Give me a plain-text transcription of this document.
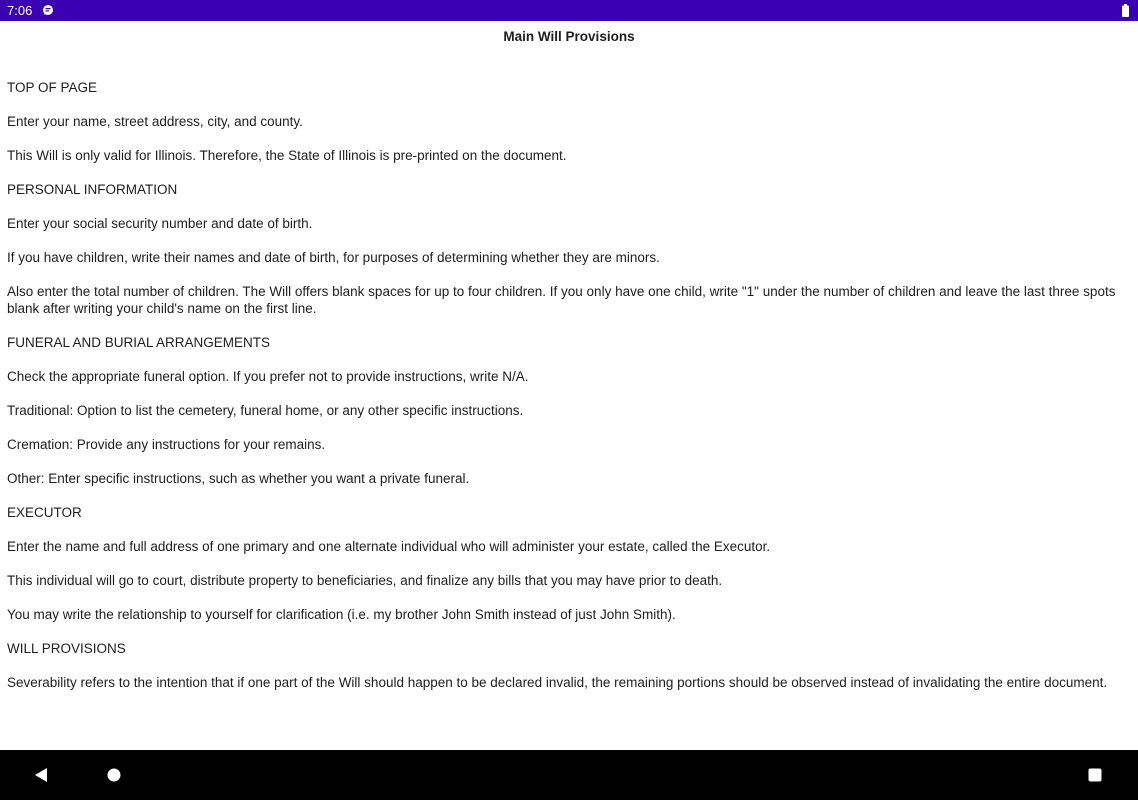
7:06
Main Will Provisions

TOP OF PAGE

Enter your name, street address, city, and county.

This Will is only valid for Illinois. Therefore, the State of Illinois is pre-printed on the document.

PERSONAL INFORMATION

Enter your social security number and date of birth.

If you have children, write their names and date of birth, for purposes of determining whether they are minors.

Also enter the total number of children. The Will offers blank spaces for up to four children. If you only have one child, write "1" under the number of children and leave the last three spots blank after writing your child's name on the first line.

FUNERAL AND BURIAL ARRANGEMENTS

Check the appropriate funeral option. If you prefer not to provide instructions, write N/A.

Traditional: Option to list the cemetery, funeral home, or any other specific instructions.

Cremation: Provide any instructions for your remains.

Other: Enter specific instructions, such as whether you want a private funeral.

EXECUTOR

Enter the name and full address of one primary and one alternate individual who will administer your estate, called the Executor.

This individual will go to court, distribute property to beneficiaries, and finalize any bills that you may have prior to death.

You may write the relationship to yourself for clarification (i.e. my brother John Smith instead of just John Smith).

WILL PROVISIONS

Severability refers to the intention that if one part of the Will should happen to be declared invalid, the remaining portions should be observed instead of invalidating the entire document.
